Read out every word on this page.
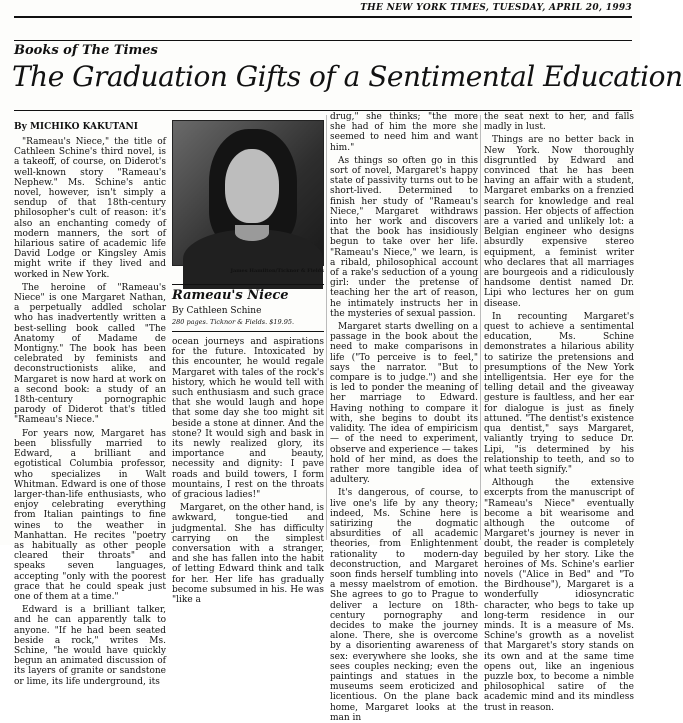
THE NEW YORK TIMES, TUESDAY, APRIL 20, 1993
Books of The Times
The Graduation Gifts of a Sentimental Education
By MICHIKO KAKUTANI

"Rameau's Niece," the title of Cathleen Schine's third novel, is a takeoff, of course, on Diderot's well-known story "Rameau's Nephew." Ms. Schine's antic novel, however, isn't simply a sendup of that 18th-century philosopher's cult of reason: it's also an enchanting comedy of modern manners, the sort of hilarious satire of academic life David Lodge or Kingsley Amis might write if they lived and worked in New York.

The heroine of "Rameau's Niece" is one Margaret Nathan, a perpetually addled scholar who has inadvertently written a best-selling book called "The Anatomy of Madame de Montigny." The book has been celebrated by feminists and deconstructionists alike, and Margaret is now hard at work on a second book: a study of an 18th-century pornographic parody of Diderot that's titled "Rameau's Niece."

For years now, Margaret has been blissfully married to Edward, a brilliant and egotistical Columbia professor, who specializes in Walt Whitman. Edward is one of those larger-than-life enthusiasts, who enjoy celebrating everything from Italian paintings to fine wines to the weather in Manhattan. He recites "poetry as habitually as other people cleared their throats" and speaks seven languages, accepting "only with the poorest grace that he could speak just one of them at a time."

Edward is a brilliant talker, and he can apparently talk to anyone. "If he had been seated beside a rock," writes Ms. Schine, "he would have quickly begun an animated discussion of its layers of granite or sandstone or lime, its life underground, its

James Hamilton/Ticknor & Fields
Rameau's Niece
By Cathleen Schine
280 pages. Ticknor & Fields. $19.95.

ocean journeys and aspirations for the future. Intoxicated by this encounter, he would regale Margaret with tales of the rock's history, which he would tell with such enthusiasm and such grace that she would laugh and hope that some day she too might sit beside a stone at dinner. And the stone? It would sigh and bask in its newly realized glory, its importance and beauty, necessity and dignity: I pave roads and build towers, I form mountains, I rest on the throats of gracious ladies!"

Margaret, on the other hand, is awkward, tongue-tied and judgmental. She has difficulty carrying on the simplest conversation with a stranger, and she has fallen into the habit of letting Edward think and talk for her. Her life has gradually become subsumed in his. He was "like a

drug," she thinks; "the more she had of him the more she seemed to need him and want him."

As things so often go in this sort of novel, Margaret's happy state of passivity turns out to be short-lived. Determined to finish her study of "Rameau's Niece," Margaret withdraws into her work and discovers that the book has insidiously begun to take over her life. "Rameau's Niece," we learn, is a ribald, philosophical account of a rake's seduction of a young girl: under the pretense of teaching her the art of reason, he intimately instructs her in the mysteries of sexual passion.

Margaret starts dwelling on a passage in the book about the need to make comparisons in life ("To perceive is to feel," says the narrator. "But to compare is to judge.") and she is led to ponder the meaning of her marriage to Edward. Having nothing to compare it with, she begins to doubt its validity. The idea of empiricism — of the need to experiment, observe and experience — takes hold of her mind, as does the rather more tangible idea of adultery.

It's dangerous, of course, to live one's life by any theory; indeed, Ms. Schine here is satirizing the dogmatic absurdities of all academic theories, from Enlightenment rationality to modern-day deconstruction, and Margaret soon finds herself tumbling into a messy maelstrom of emotion. She agrees to go to Prague to deliver a lecture on 18th-century pornography and decides to make the journey alone. There, she is overcome by a disorienting awareness of sex: everywhere she looks, she sees couples necking; even the paintings and statues in the museums seem eroticized and licentious. On the plane back home, Margaret looks at the man in

the seat next to her, and falls madly in lust.

Things are no better back in New York. Now thoroughly disgruntled by Edward and convinced that he has been having an affair with a student, Margaret embarks on a frenzied search for knowledge and real passion. Her objects of affection are a varied and unlikely lot: a Belgian engineer who designs absurdly expensive stereo equipment, a feminist writer who declares that all marriages are bourgeois and a ridiculously handsome dentist named Dr. Lipi who lectures her on gum disease.

In recounting Margaret's quest to achieve a sentimental education, Ms. Schine demonstrates a hilarious ability to satirize the pretensions and presumptions of the New York intelligentsia. Her eye for the telling detail and the giveaway gesture is faultless, and her ear for dialogue is just as finely attuned. "The dentist's existence qua dentist," says Margaret, valiantly trying to seduce Dr. Lipi, "is determined by his relationship to teeth, and so to what teeth signify."

Although the extensive excerpts from the manuscript of "Rameau's Niece" eventually become a bit wearisome and although the outcome of Margaret's journey is never in doubt, the reader is completely beguiled by her story. Like the heroines of Ms. Schine's earlier novels ("Alice in Bed" and "To the Birdhouse"), Margaret is a wonderfully idiosyncratic character, who begs to take up long-term residence in our minds. It is a measure of Ms. Schine's growth as a novelist that Margaret's story stands on its own and at the same time opens out, like an ingenious puzzle box, to become a nimble philosophical satire of the academic mind and its mindless trust in reason.
